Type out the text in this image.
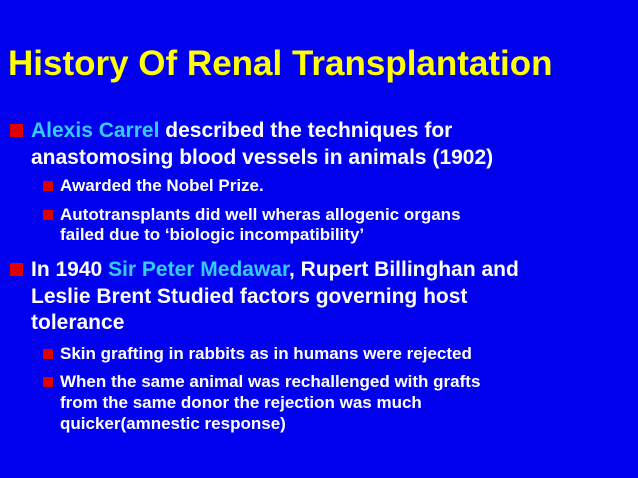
History Of Renal Transplantation
Alexis Carrel described the techniques for
anastomosing blood vessels in animals (1902)
Awarded the Nobel Prize.
Autotransplants did well wheras allogenic organs
failed due to ‘biologic incompatibility’
In 1940 Sir Peter Medawar, Rupert Billinghan and
Leslie Brent Studied factors governing host
tolerance
Skin grafting in rabbits as in humans were rejected
When the same animal was rechallenged with grafts
from the same donor the rejection was much
quicker(amnestic response)
